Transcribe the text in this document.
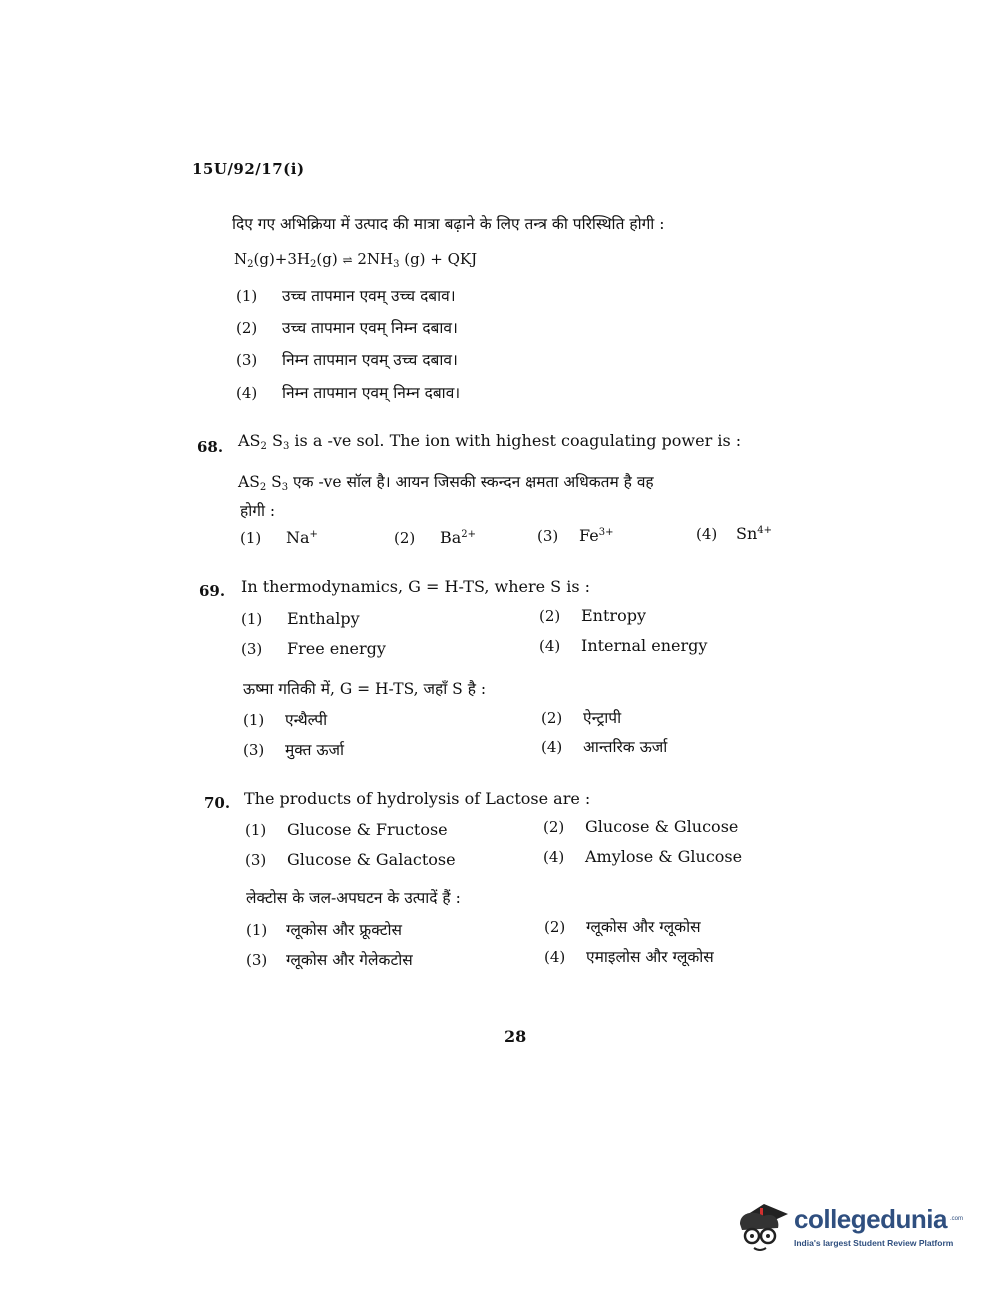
15U/92/17(i)
दिए गए अभिक्रिया में उत्पाद की मात्रा बढ़ाने के लिए तन्त्र की परिस्थिति होगी :
$N_2(g)+3H_2(g)$ ⇌ $2NH_3$ (g) + QKJ
(1) उच्च तापमान एवम् उच्च दबाव।
(2) उच्च तापमान एवम् निम्न दबाव।
(3) निम्न तापमान एवम् उच्च दबाव।
(4) निम्न तापमान एवम् निम्न दबाव।
68. $AS_2$ $S_3$ is a -ve sol. The ion with highest coagulating power is :
$AS_2$ $S_3$ एक -ve सॉल है। आयन जिसकी स्कन्दन क्षमता अधिकतम है वह
होगी :
(1) Na+	(2) $Ba^{2+}$	(3) $Fe^{3+}$	(4) $Sn^{4+}$
69. In thermodynamics, G = H-TS, where S is :
(1) Enthalpy	(2) Entropy
(3) Free energy	(4) Internal energy
ऊष्मा गतिकी में, G = H-TS, जहाँ S है :
(1) एन्थैल्पी	(2) ऐन्ट्रापी
(3) मुक्त ऊर्जा	(4) आन्तरिक ऊर्जा
70. The products of hydrolysis of Lactose are :
(1) Glucose & Fructose	(2) Glucose & Glucose
(3) Glucose & Galactose	(4) Amylose & Glucose
लेक्टोस के जल-अपघटन के उत्पादें हैं :
(1) ग्लूकोस और फ्रूक्टोस	(2) ग्लूकोस और ग्लूकोस
(3) ग्लूकोस और गेलेकटोस	(4) एमाइलोस और ग्लूकोस
28
collegedunia .com
India's largest Student Review Platform
